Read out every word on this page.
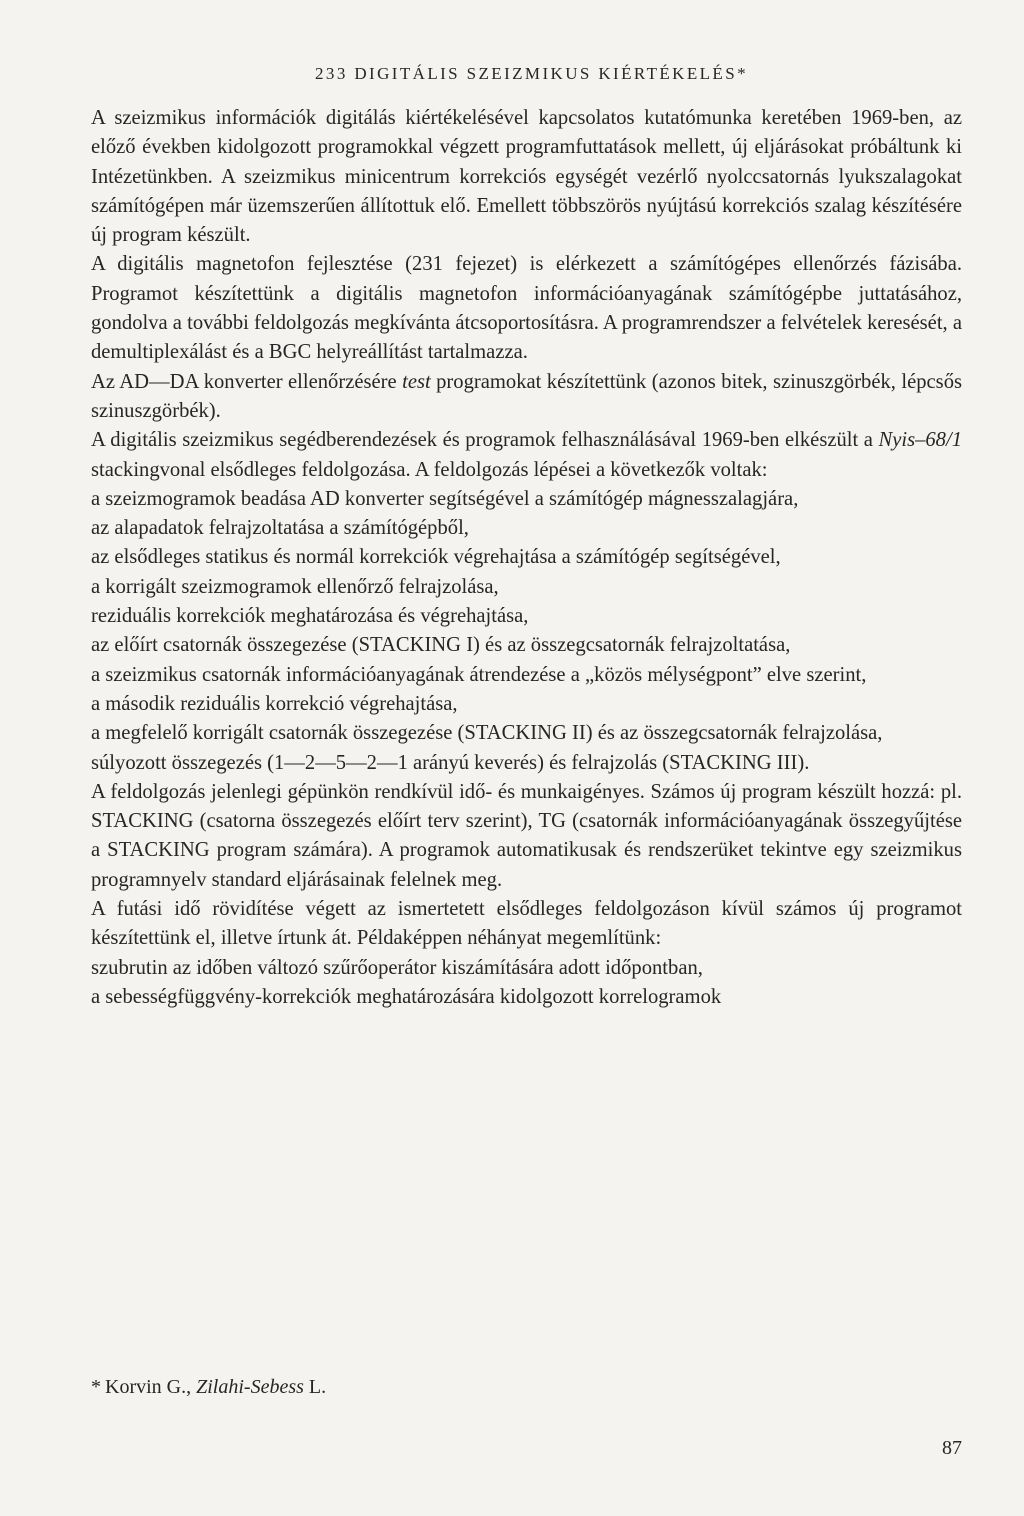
233 DIGITÁLIS SZEIZMIKUS KIÉRTÉKELÉS*

A szeizmikus információk digitálás kiértékelésével kapcsolatos kutatómunka keretében 1969-ben, az előző években kidolgozott programokkal végzett programfuttatások mellett, új eljárásokat próbáltunk ki Intézetünkben. A szeizmikus minicentrum korrekciós egységét vezérlő nyolccsatornás lyukszalagokat számítógépen már üzemszerűen állítottuk elő. Emellett többszörös nyújtású korrekciós szalag készítésére új program készült.

A digitális magnetofon fejlesztése (231 fejezet) is elérkezett a számítógépes ellenőrzés fázisába. Programot készítettünk a digitális magnetofon információanyagának számítógépbe juttatásához, gondolva a további feldolgozás megkívánta átcsoportosításra. A programrendszer a felvételek keresését, a demultiplexálást és a BGC helyreállítást tartalmazza.

Az AD—DA konverter ellenőrzésére test programokat készítettünk (azonos bitek, szinuszgörbék, lépcsős szinuszgörbék).

A digitális szeizmikus segédberendezések és programok felhasználásával 1969-ben elkészült a Nyis–68/1 stackingvonal elsődleges feldolgozása. A feldolgozás lépései a következők voltak:

a szeizmogramok beadása AD konverter segítségével a számítógép mágnesszalagjára,

az alapadatok felrajzoltatása a számítógépből,

az elsődleges statikus és normál korrekciók végrehajtása a számítógép segítségével,

a korrigált szeizmogramok ellenőrző felrajzolása,

reziduális korrekciók meghatározása és végrehajtása,

az előírt csatornák összegezése (STACKING I) és az összegcsatornák felrajzoltatása,

a szeizmikus csatornák információanyagának átrendezése a „közös mélységpont” elve szerint,

a második reziduális korrekció végrehajtása,

a megfelelő korrigált csatornák összegezése (STACKING II) és az összegcsatornák felrajzolása,

súlyozott összegezés (1—2—5—2—1 arányú keverés) és felrajzolás (STACKING III).

A feldolgozás jelenlegi gépünkön rendkívül idő- és munkaigényes. Számos új program készült hozzá: pl. STACKING (csatorna összegezés előírt terv szerint), TG (csatornák információanyagának összegyűjtése a STACKING program számára). A programok automatikusak és rendszerüket tekintve egy szeizmikus programnyelv standard eljárásainak felelnek meg.

A futási idő rövidítése végett az ismertetett elsődleges feldolgozáson kívül számos új programot készítettünk el, illetve írtunk át. Példaképpen néhányat megemlítünk:

szubrutin az időben változó szűrőoperátor kiszámítására adott időpontban,

a sebességfüggvény-korrekciók meghatározására kidolgozott korrelogramok

* Korvin G., Zilahi-Sebess L.
87
